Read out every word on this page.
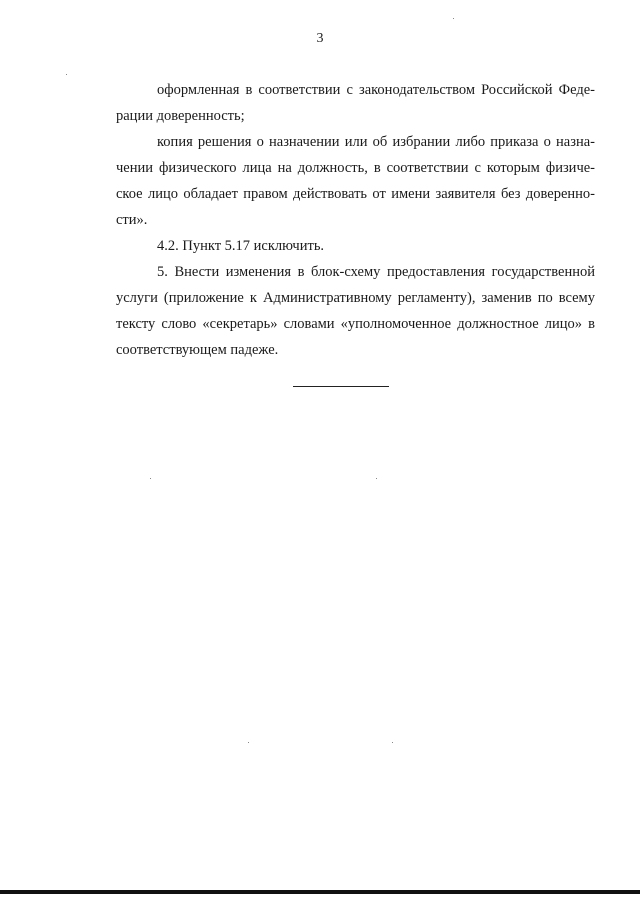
3
оформленная в соответствии с законодательством Российской Феде-
рации доверенность;
копия решения о назначении или об избрании либо приказа о назна-
чении физического лица на должность, в соответствии с которым физиче-
ское лицо обладает правом действовать от имени заявителя без доверенно-
сти».
4.2. Пункт 5.17 исключить.
5. Внести изменения в блок-схему предоставления государственной
услуги (приложение к Административному регламенту), заменив по всему
тексту слово «секретарь» словами «уполномоченное должностное лицо» в
соответствующем падеже.
